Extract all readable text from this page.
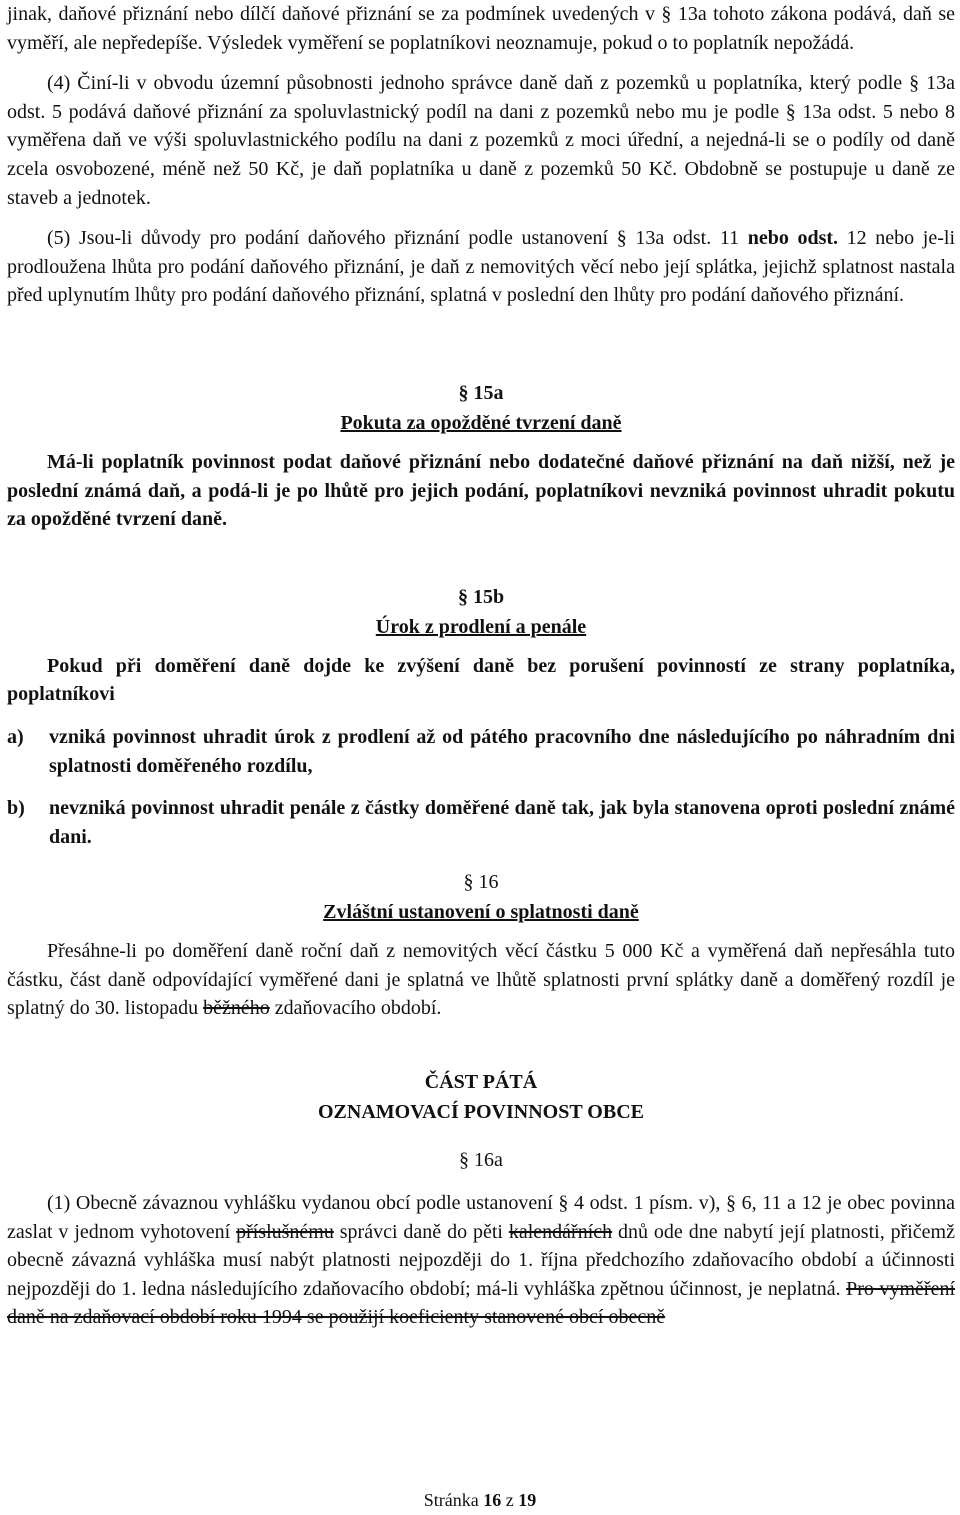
jinak, daňové přiznání nebo dílčí daňové přiznání se za podmínek uvedených v § 13a tohoto zákona podává, daň se vyměří, ale nepředepíše. Výsledek vyměření se poplatníkovi neoznamuje, pokud o to poplatník nepožádá.

(4) Činí-li v obvodu územní působnosti jednoho správce daně daň z pozemků u poplatníka, který podle § 13a odst. 5 podává daňové přiznání za spoluvlastnický podíl na dani z pozemků nebo mu je podle § 13a odst. 5 nebo 8 vyměřena daň ve výši spoluvlastnického podílu na dani z pozemků z moci úřední, a nejedná-li se o podíly od daně zcela osvobozené, méně než 50 Kč, je daň poplatníka u daně z pozemků 50 Kč. Obdobně se postupuje u daně ze staveb a jednotek.

(5) Jsou-li důvody pro podání daňového přiznání podle ustanovení § 13a odst. 11 nebo odst. 12 nebo je-li prodloužena lhůta pro podání daňového přiznání, je daň z nemovitých věcí nebo její splátka, jejichž splatnost nastala před uplynutím lhůty pro podání daňového přiznání, splatná v poslední den lhůty pro podání daňového přiznání.

§ 15a
Pokuta za opožděné tvrzení daně

Má-li poplatník povinnost podat daňové přiznání nebo dodatečné daňové přiznání na daň nižší, než je poslední známá daň, a podá-li je po lhůtě pro jejich podání, poplatníkovi nevzniká povinnost uhradit pokutu za opožděné tvrzení daně.

§ 15b
Úrok z prodlení a penále

Pokud při doměření daně dojde ke zvýšení daně bez porušení povinností ze strany poplatníka, poplatníkovi

a)	vzniká povinnost uhradit úrok z prodlení až od pátého pracovního dne následujícího po náhradním dni splatnosti doměřeného rozdílu,
b)	nevzniká povinnost uhradit penále z částky doměřené daně tak, jak byla stanovena oproti poslední známé dani.
§ 16
Zvláštní ustanovení o splatnosti daně

Přesáhne-li po doměření daně roční daň z nemovitých věcí částku 5 000 Kč a vyměřená daň nepřesáhla tuto částku, část daně odpovídající vyměřené dani je splatná ve lhůtě splatnosti první splátky daně a doměřený rozdíl je splatný do 30. listopadu běžného zdaňovacího období.

ČÁST PÁTÁ
OZNAMOVACÍ POVINNOST OBCE
§ 16a

(1) Obecně závaznou vyhlášku vydanou obcí podle ustanovení § 4 odst. 1 písm. v), § 6, 11 a 12 je obec povinna zaslat v jednom vyhotovení příslušnému správci daně do pěti kalendářních dnů ode dne nabytí její platnosti, přičemž obecně závazná vyhláška musí nabýt platnosti nejpozději do 1. října předchozího zdaňovacího období a účinnosti nejpozději do 1. ledna následujícího zdaňovacího období; má-li vyhláška zpětnou účinnost, je neplatná. Pro vyměření daně na zdaňovací období roku 1994 se použijí koeficienty stanovené obcí obecně

Stránka 16 z 19
